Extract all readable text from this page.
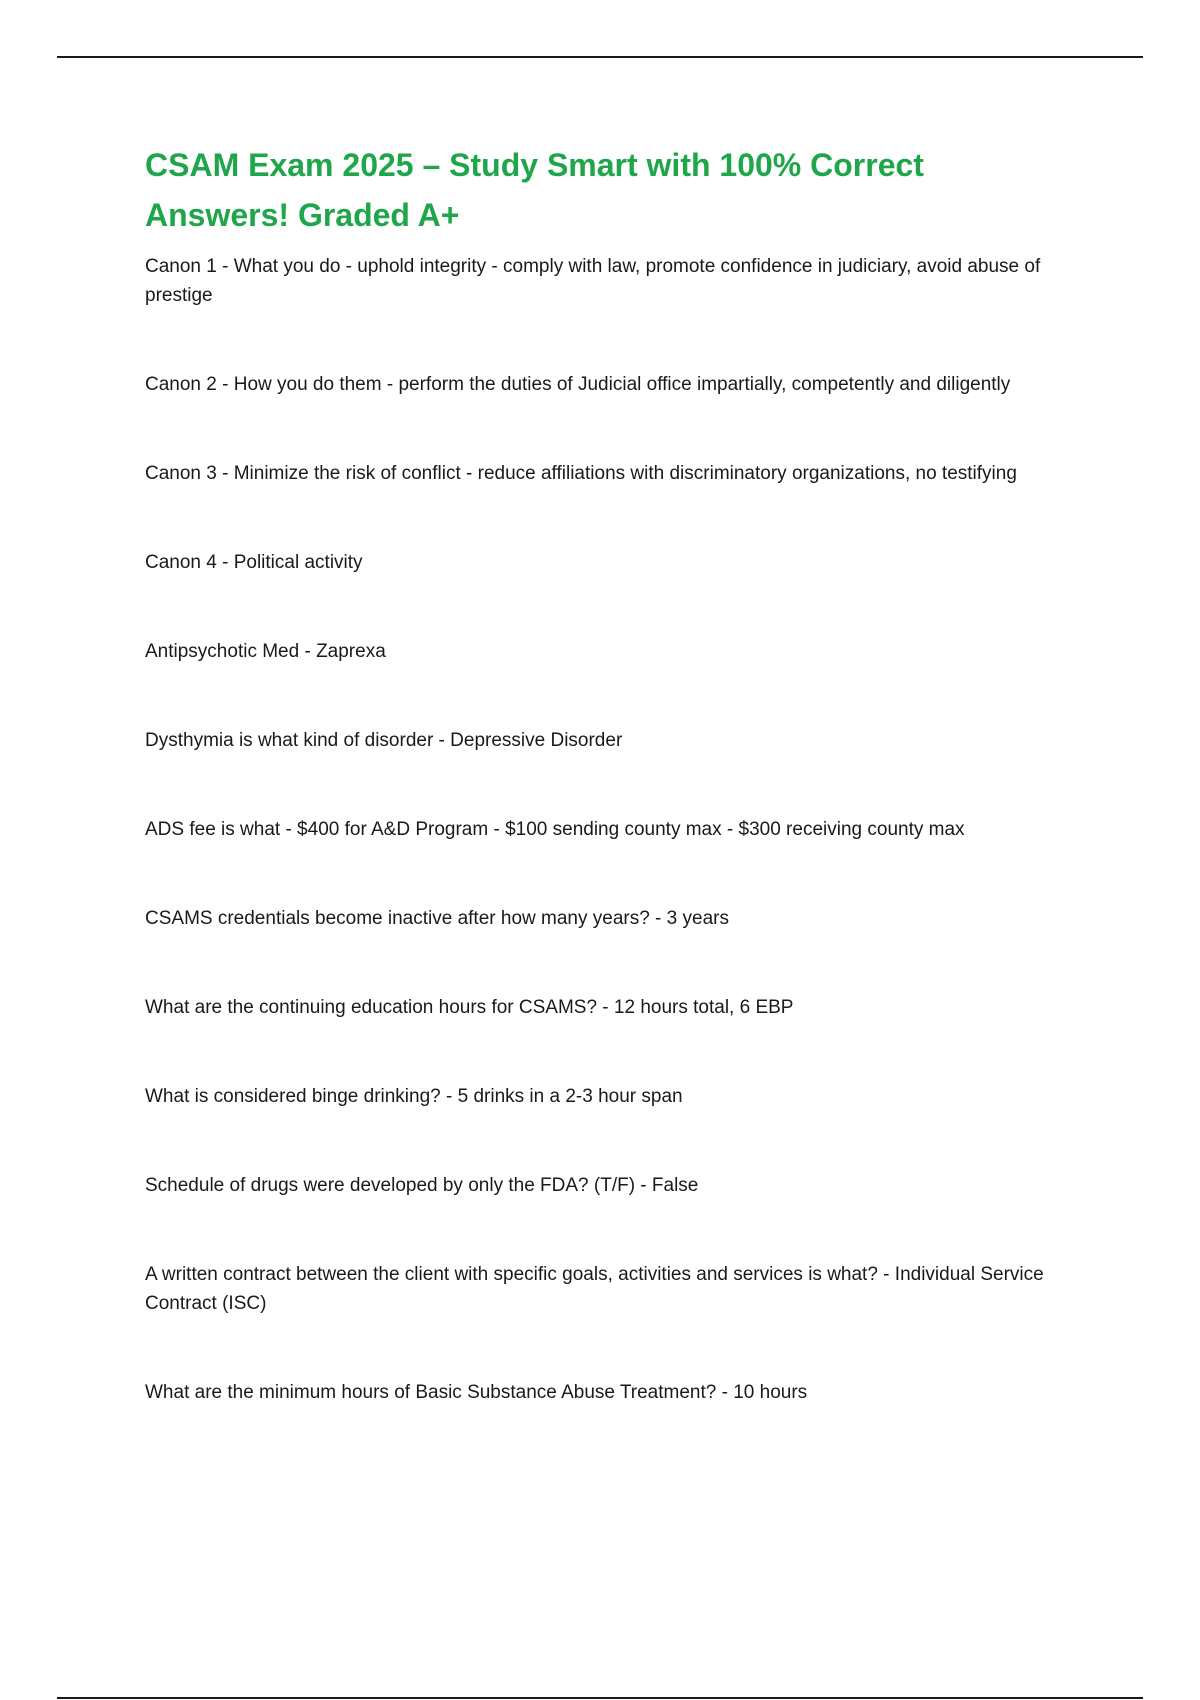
CSAM Exam 2025 – Study Smart with 100% Correct Answers! Graded A+
Canon 1 - What you do - uphold integrity - comply with law, promote confidence in judiciary, avoid abuse of prestige
Canon 2 - How you do them - perform the duties of Judicial office impartially, competently and diligently
Canon 3 - Minimize the risk of conflict - reduce affiliations with discriminatory organizations, no testifying
Canon 4 - Political activity
Antipsychotic Med - Zaprexa
Dysthymia is what kind of disorder - Depressive Disorder
ADS fee is what - $400 for A&D Program - $100 sending county max - $300 receiving county max
CSAMS credentials become inactive after how many years? - 3 years
What are the continuing education hours for CSAMS? - 12 hours total, 6 EBP
What is considered binge drinking? - 5 drinks in a 2-3 hour span
Schedule of drugs were developed by only the FDA? (T/F) - False
A written contract between the client with specific goals, activities and services is what? - Individual Service Contract (ISC)
What are the minimum hours of Basic Substance Abuse Treatment? - 10 hours
